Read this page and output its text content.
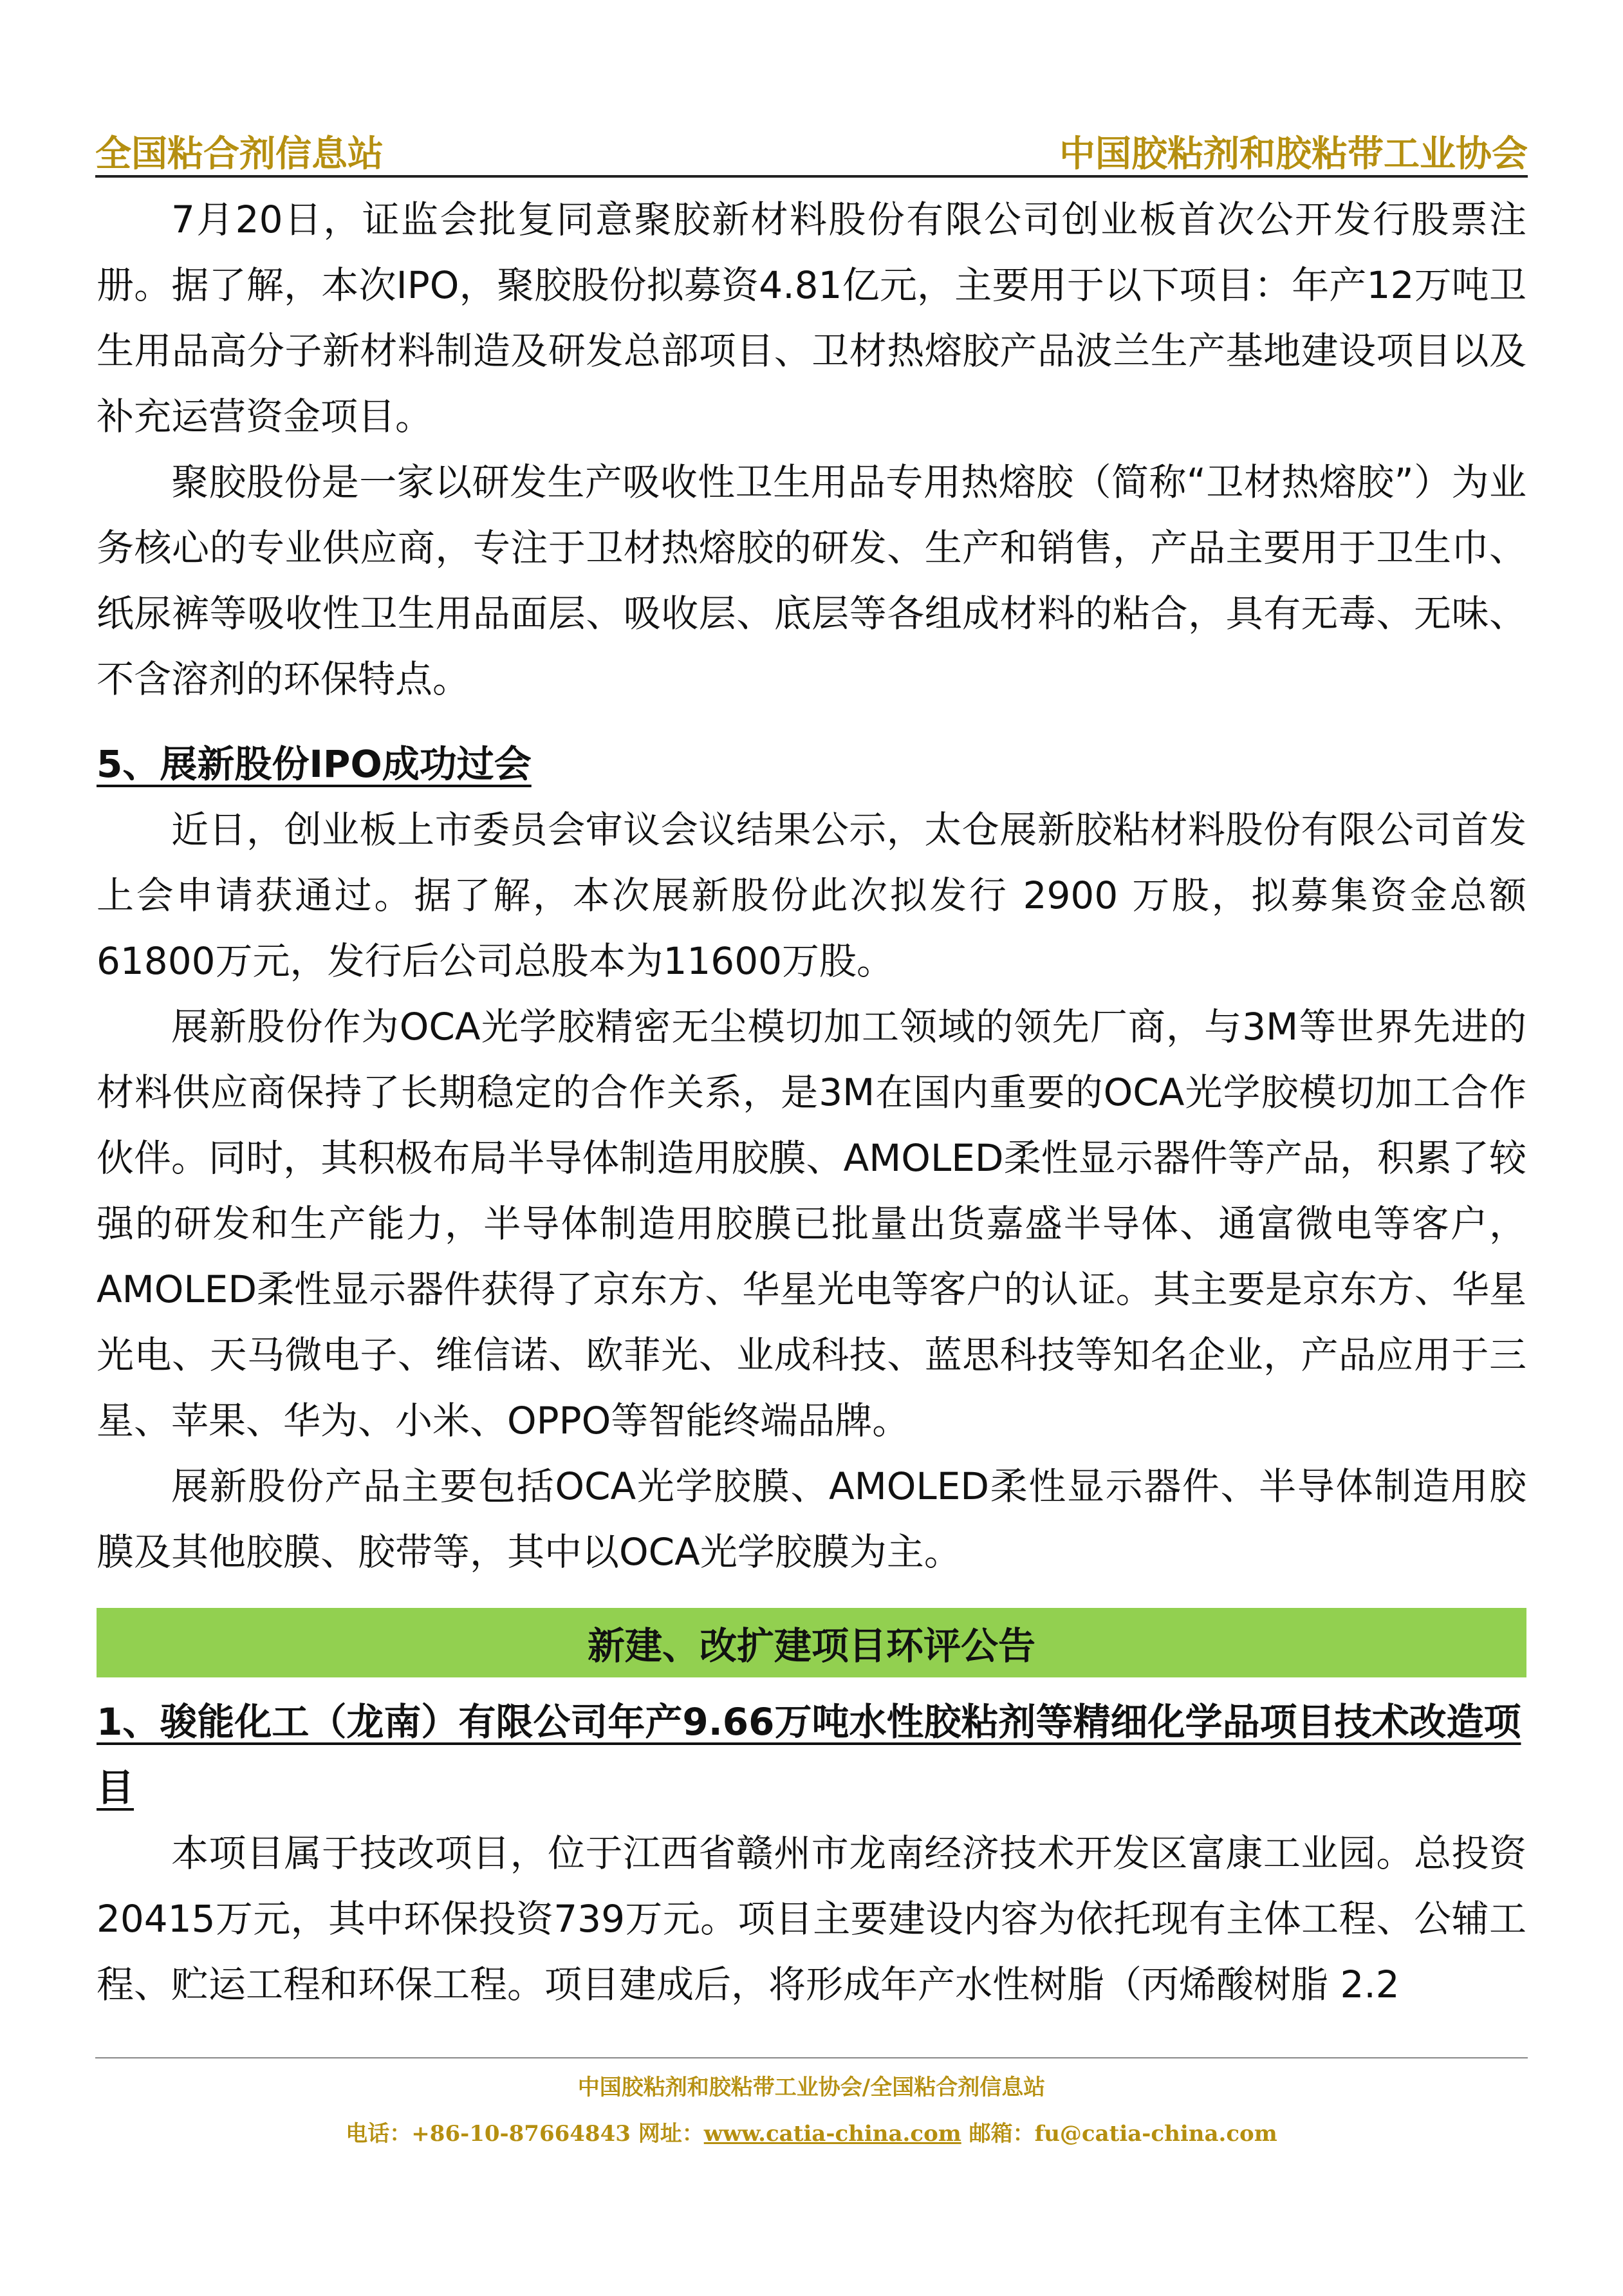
全国粘合剂信息站	中国胶粘剂和胶粘带工业协会

7月20日，证监会批复同意聚胶新材料股份有限公司创业板首次公开发行股票注册。据了解，本次IPO，聚胶股份拟募资4.81亿元，主要用于以下项目：年产12万吨卫生用品高分子新材料制造及研发总部项目、卫材热熔胶产品波兰生产基地建设项目以及补充运营资金项目。

聚胶股份是一家以研发生产吸收性卫生用品专用热熔胶（简称“卫材热熔胶”）为业务核心的专业供应商，专注于卫材热熔胶的研发、生产和销售，产品主要用于卫生巾、纸尿裤等吸收性卫生用品面层、吸收层、底层等各组成材料的粘合，具有无毒、无味、不含溶剂的环保特点。

5、展新股份IPO成功过会

近日，创业板上市委员会审议会议结果公示，太仓展新胶粘材料股份有限公司首发上会申请获通过。据了解，本次展新股份此次拟发行 2900 万股，拟募集资金总额61800万元，发行后公司总股本为11600万股。

展新股份作为OCA光学胶精密无尘模切加工领域的领先厂商，与3M等世界先进的材料供应商保持了长期稳定的合作关系，是3M在国内重要的OCA光学胶模切加工合作伙伴。同时，其积极布局半导体制造用胶膜、AMOLED柔性显示器件等产品，积累了较强的研发和生产能力，半导体制造用胶膜已批量出货嘉盛半导体、通富微电等客户，AMOLED柔性显示器件获得了京东方、华星光电等客户的认证。其主要是京东方、华星光电、天马微电子、维信诺、欧菲光、业成科技、蓝思科技等知名企业，产品应用于三星、苹果、华为、小米、OPPO等智能终端品牌。

展新股份产品主要包括OCA光学胶膜、AMOLED柔性显示器件、半导体制造用胶膜及其他胶膜、胶带等，其中以OCA光学胶膜为主。

新建、改扩建项目环评公告

1、骏能化工（龙南）有限公司年产9.66万吨水性胶粘剂等精细化学品项目技术改造项目

本项目属于技改项目，位于江西省赣州市龙南经济技术开发区富康工业园。总投资20415万元，其中环保投资739万元。项目主要建设内容为依托现有主体工程、公辅工程、贮运工程和环保工程。项目建成后，将形成年产水性树脂（丙烯酸树脂 2.2

中国胶粘剂和胶粘带工业协会/全国粘合剂信息站
电话：+86-10-87664843 网址：www.catia-china.com 邮箱：fu@catia-china.com
